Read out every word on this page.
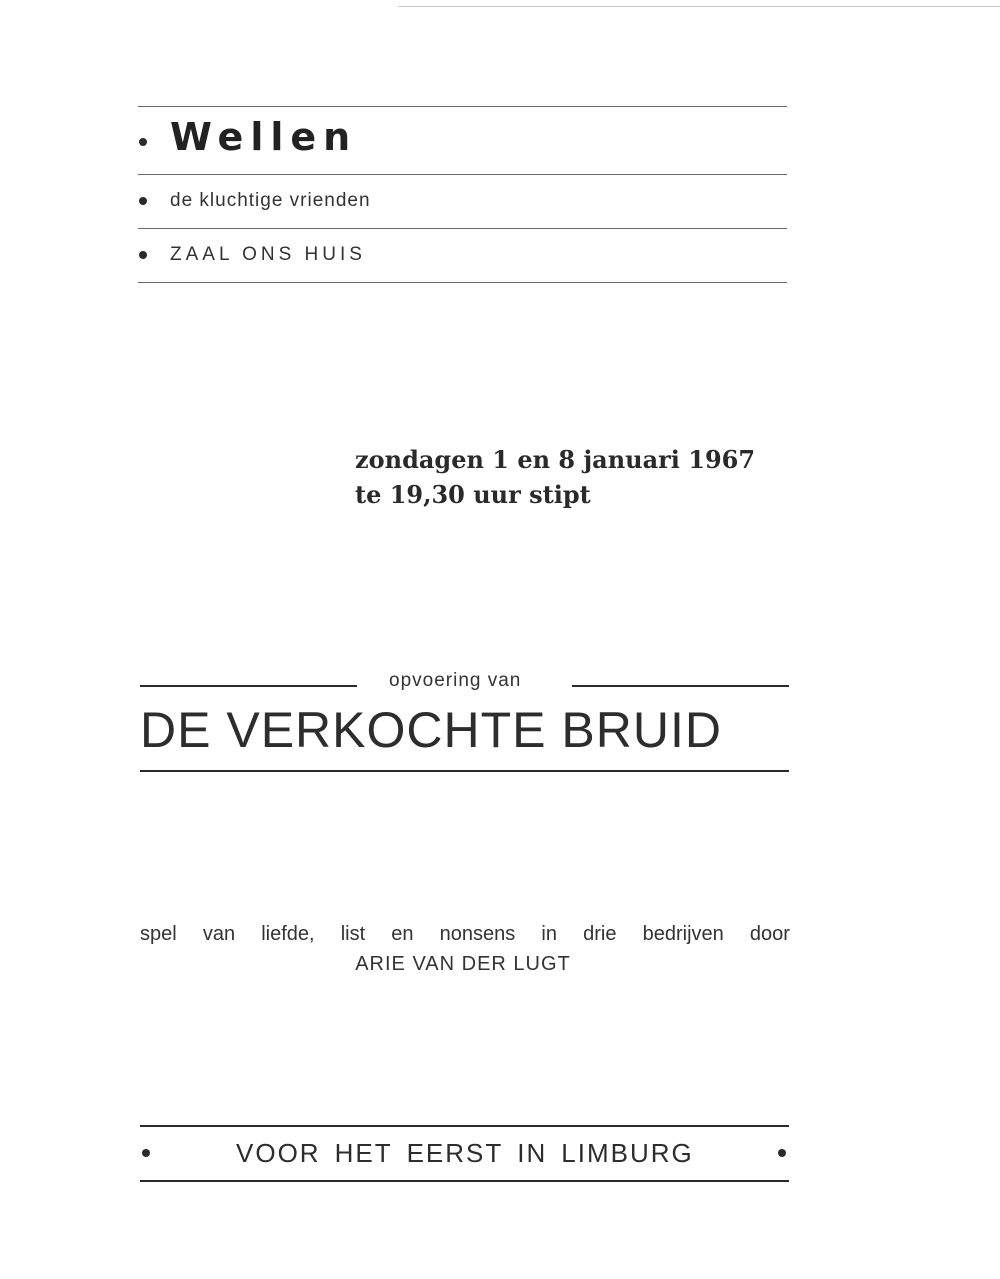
Wellen
de kluchtige vrienden
ZAAL ONS HUIS
zondagen 1 en 8 januari 1967
te 19,30 uur stipt
opvoering van
DE VERKOCHTE BRUID
spel van liefde, list en nonsens in drie bedrijven door
ARIE VAN DER LUGT
VOOR HET EERST IN LIMBURG
